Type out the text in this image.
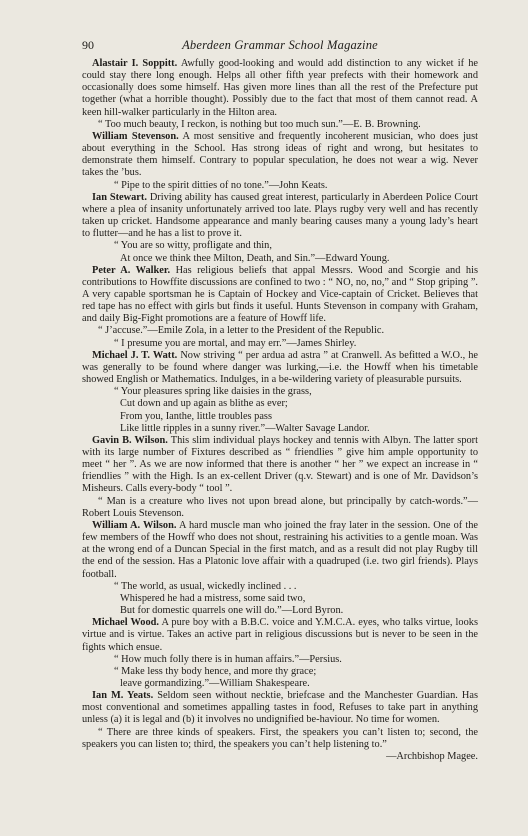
90	Aberdeen Grammar School Magazine

Alastair I. Soppitt. Awfully good-looking and would add distinction to any wicket if he could stay there long enough. Helps all other fifth year prefects with their homework and occasionally does some himself. Has given more lines than all the rest of the Prefecture put together (what a horrible thought). Possibly due to the fact that most of them cannot read. A keen hill-walker particularly in the Hilton area.

“ Too much beauty, I reckon, is nothing but too much sun.”—E. B. Browning.

William Stevenson. A most sensitive and frequently incoherent musician, who does just about everything in the School. Has strong ideas of right and wrong, but hesitates to demonstrate them himself. Contrary to popular speculation, he does not wear a wig. Never takes the ’bus.

“ Pipe to the spirit ditties of no tone.”—John Keats.

Ian Stewart. Driving ability has caused great interest, particularly in Aberdeen Police Court where a plea of insanity unfortunately arrived too late. Plays rugby very well and has recently taken up cricket. Handsome appearance and manly bearing causes many a young lady’s heart to flutter—and he has a list to prove it.

“ You are so witty, profligate and thin,

At once we think thee Milton, Death, and Sin.”—Edward Young.

Peter A. Walker. Has religious beliefs that appal Messrs. Wood and Scorgie and his contributions to Howffite discussions are confined to two : “ NO, no, no,” and “ Stop griping ”. A very capable sportsman he is Captain of Hockey and Vice-captain of Cricket. Believes that red tape has no effect with girls but finds it useful. Hunts Stevenson in company with Graham, and daily Big-Fight promotions are a feature of Howff life.

“ J’accuse.”—Emile Zola, in a letter to the President of the Republic.

“ I presume you are mortal, and may err.”—James Shirley.

Michael J. T. Watt. Now striving “ per ardua ad astra ” at Cranwell. As befitted a W.O., he was generally to be found where danger was lurking,—i.e. the Howff when his timetable showed English or Mathematics. Indulges, in a be-wildering variety of pleasurable pursuits.

“ Your pleasures spring like daisies in the grass,

Cut down and up again as blithe as ever;

From you, Ianthe, little troubles pass

Like little ripples in a sunny river.”—Walter Savage Landor.

Gavin B. Wilson. This slim individual plays hockey and tennis with Albyn. The latter sport with its large number of Fixtures described as “ friendlies ” give him ample opportunity to meet “ her ”. As we are now informed that there is another “ her ” we expect an increase in “ friendlies ” with the High. Is an ex-cellent Driver (q.v. Stewart) and is one of Mr. Davidson’s Misheurs. Calls every-body “ tool ”.

“ Man is a creature who lives not upon bread alone, but principally by catch-words.”—Robert Louis Stevenson.

William A. Wilson. A hard muscle man who joined the fray later in the session. One of the few members of the Howff who does not shout, restraining his activities to a gentle moan. Was at the wrong end of a Duncan Special in the first match, and as a result did not play Rugby till the end of the session. Has a Platonic love affair with a quadruped (i.e. two girl friends). Plays football.

“ The world, as usual, wickedly inclined . . .

Whispered he had a mistress, some said two,

But for domestic quarrels one will do.”—Lord Byron.

Michael Wood. A pure boy with a B.B.C. voice and Y.M.C.A. eyes, who talks virtue, looks virtue and is virtue. Takes an active part in religious discussions but is never to be seen in the fights which ensue.

“ How much folly there is in human affairs.”—Persius.

“ Make less thy body hence, and more thy grace;

leave gormandizing.”—William Shakespeare.

Ian M. Yeats. Seldom seen without necktie, briefcase and the Manchester Guardian. Has most conventional and sometimes appalling tastes in food, Refuses to take part in anything unless (a) it is legal and (b) it involves no undignified be-haviour. No time for women.

“ There are three kinds of speakers. First, the speakers you can’t listen to; second, the speakers you can listen to; third, the speakers you can’t help listening to.”

—Archbishop Magee.
